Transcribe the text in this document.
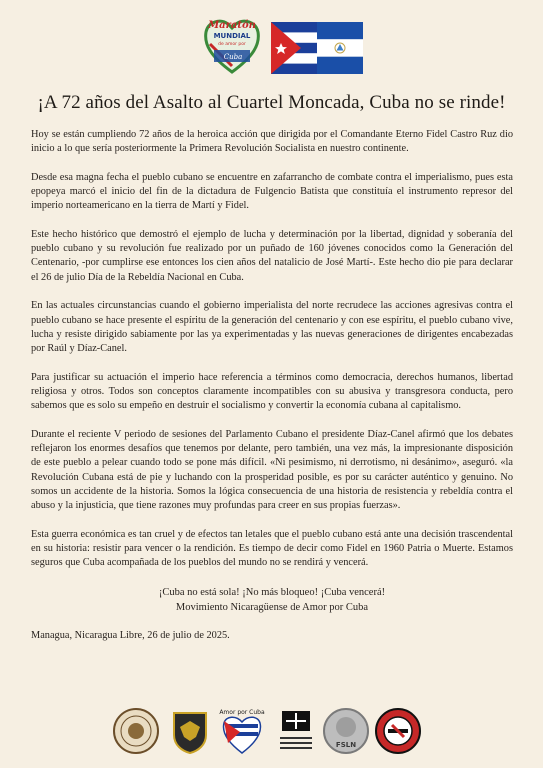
Maratón
MUNDIAL
de amor por
Cuba
¡A 72 años del Asalto al Cuartel Moncada, Cuba no se rinde!

Hoy se están cumpliendo 72 años de la heroica acción que dirigida por el Comandante Eterno Fidel Castro Ruz dio inicio a lo que sería posteriormente la Primera Revolución Socialista en nuestro continente.

Desde esa magna fecha el pueblo cubano se encuentre en zafarrancho de combate contra el imperialismo, pues esta epopeya marcó el inicio del fin de la dictadura de Fulgencio Batista que constituía el instrumento represor del imperio norteamericano en la tierra de Martí y Fidel.

Este hecho histórico que demostró el ejemplo de lucha y determinación por la libertad, dignidad y soberanía del pueblo cubano y su revolución fue realizado por un puñado de 160 jóvenes conocidos como la Generación del Centenario, -por cumplirse ese entonces los cien años del natalicio de José Martí-. Este hecho dio pie para declarar el 26 de julio Día de la Rebeldía Nacional en Cuba.

En las actuales circunstancias cuando el gobierno imperialista del norte recrudece las acciones agresivas contra el pueblo cubano se hace presente el espíritu de la generación del centenario y con ese espíritu, el pueblo cubano vive, lucha y resiste dirigido sabiamente por las ya experimentadas y las nuevas generaciones de dirigentes encabezadas por Raúl y Díaz-Canel.

Para justificar su actuación el imperio hace referencia a términos como democracia, derechos humanos, libertad religiosa y otros. Todos son conceptos claramente incompatibles con su abusiva y transgresora conducta, pero sabemos que es solo su empeño en destruir el socialismo y convertir la economía cubana al capitalismo.

Durante el reciente V periodo de sesiones del Parlamento Cubano el presidente Díaz-Canel afirmó que los debates reflejaron los enormes desafíos que tenemos por delante, pero también, una vez más, la impresionante disposición de este pueblo a pelear cuando todo se pone más difícil. «Ni pesimismo, ni derrotismo, ni desánimo», aseguró. «la Revolución Cubana está de pie y luchando con la prosperidad posible, es por su carácter auténtico y genuino. No somos un accidente de la historia. Somos la lógica consecuencia de una historia de resistencia y rebeldía contra el abuso y la injusticia, que tiene razones muy profundas para creer en sus propias fuerzas».

Esta guerra económica es tan cruel y de efectos tan letales que el pueblo cubano está ante una decisión trascendental en su historia: resistir para vencer o la rendición. Es tiempo de decir como Fidel en 1960 Patria o Muerte. Estamos seguros que Cuba acompañada de los pueblos del mundo no se rendirá y vencerá.

¡Cuba no está sola! ¡No más bloqueo! ¡Cuba vencerá!
Movimiento Nicaragüense de Amor por Cuba

Managua, Nicaragua Libre, 26 de julio de 2025.

Amor por Cuba
FSLN
